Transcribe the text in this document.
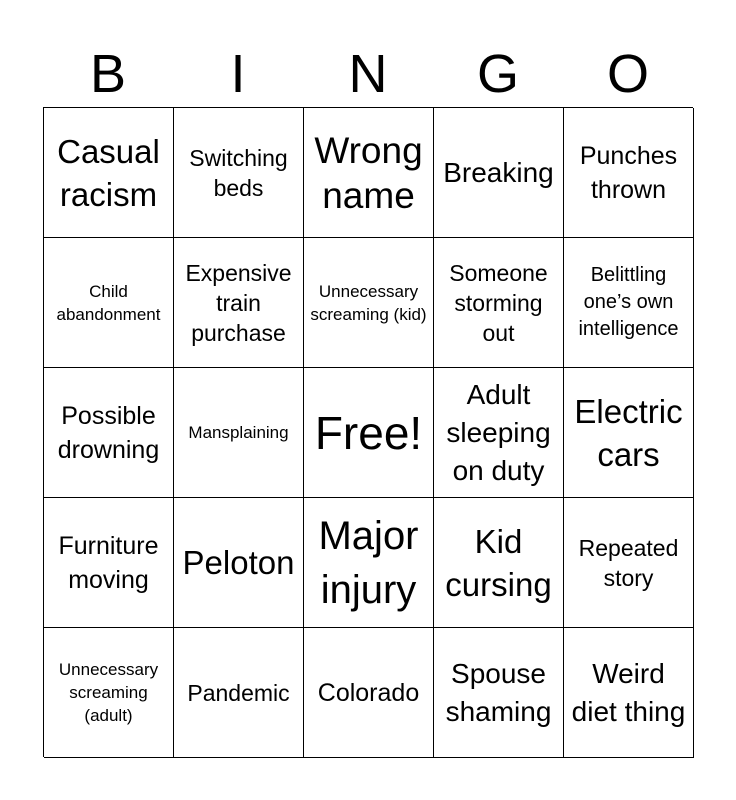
B	I	N	G	O
Casual racism
Switching beds
Wrong name
Breaking
Punches thrown
Child abandonment
Expensive train purchase
Unnecessary screaming (kid)
Someone storming out
Belittling one’s own intelligence
Possible drowning
Mansplaining Free!
Adult sleeping on duty
Electric cars
Furniture moving	Peloton
Major injury
Kid cursing
Repeated story
Unnecessary screaming (adult)
Pandemic Colorado
Spouse shaming
Weird diet thing
